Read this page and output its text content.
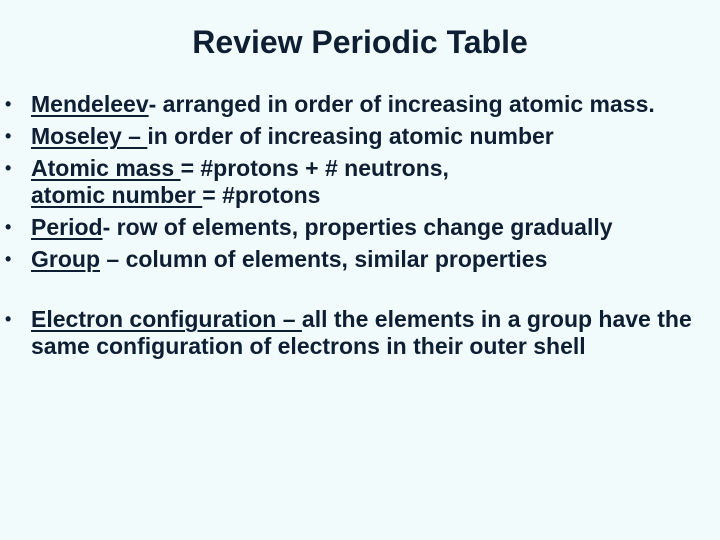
Review Periodic Table
• Mendeleev- arranged in order of increasing atomic mass.
• Moseley – in order of increasing atomic number
• Atomic mass = #protons + # neutrons,
atomic number = #protons
• Period- row of elements, properties change gradually
• Group – column of elements, similar properties
• Electron configuration – all the elements in a group have the same configuration of electrons in their outer shell
